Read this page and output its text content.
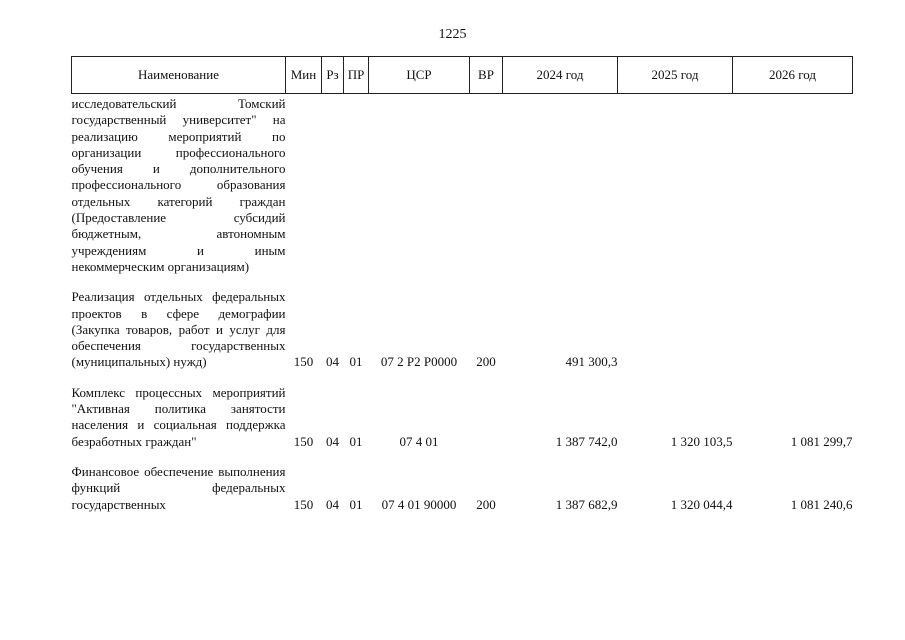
1225
Наименование	Мин	Рз	ПР	ЦСР	ВР	2024 год	2025 год	2026 год
исследовательский Томский государственный университет" на реализацию мероприятий по организации профессионального обучения и дополнительного профессионального образования отдельных категорий граждан (Предоставление субсидий бюджетным, автономным учреждениям и иным некоммерческим организациям)								

Реализация отдельных федеральных проектов в сфере демографии (Закупка товаров, работ и услуг для обеспечения государственных (муниципальных) нужд)	150	04	01	07 2 P2 P0000	200	491 300,3		

Комплекс процессных мероприятий "Активная политика занятости населения и социальная поддержка безработных граждан"	150	04	01	07 4 01		1 387 742,0	1 320 103,5	1 081 299,7

Финансовое обеспечение выполнения функций федеральных государственных	150	04	01	07 4 01 90000	200	1 387 682,9	1 320 044,4	1 081 240,6
